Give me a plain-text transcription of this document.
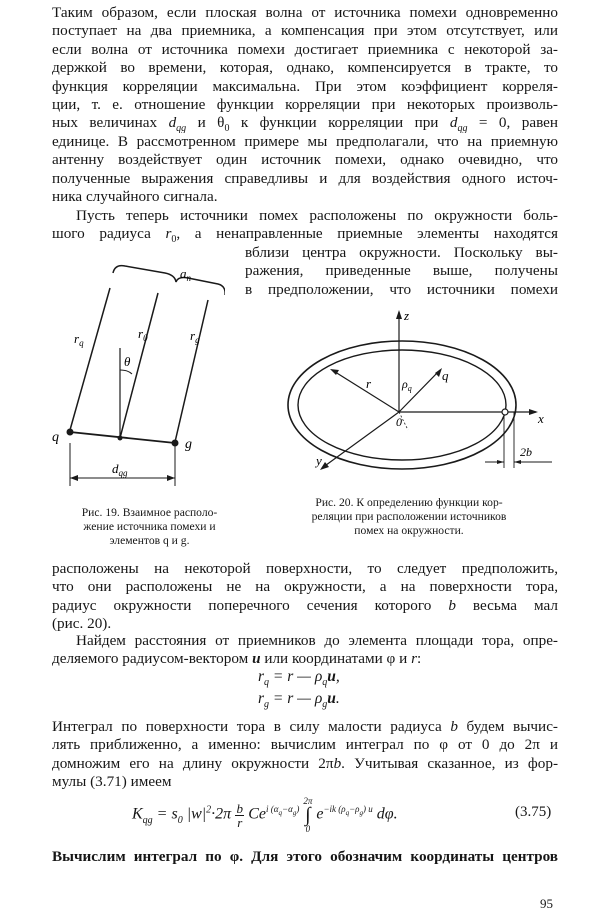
Таким образом, если плоская волна от источника помехи одновременно
поступает на два приемника, а компенсация при этом отсутствует, или
если волна от источника помехи достигает приемника с некоторой за-
держкой во времени, которая, однако, компенсируется в тракте, то
функция корреляции максимальна. При этом коэффициент корреля-
ции, т. е. отношение функции корреляции при некоторых произволь-
ных величинах $d_{qg}$ и $\theta_0$ к функции корреляции при $d_{qg} = 0$, равен
единице. В рассмотренном примере мы предполагали, что на приемную
антенну воздействует один источник помехи, однако очевидно, что
полученные выражения справедливы и для воздействия одного источ-
ника случайного сигнала.
Пусть теперь источники помех расположены по окружности боль-
шого радиуса $r_0$, а ненаправленные приемные элементы находятся
вблизи центра окружности. Поскольку вы-
ражения, приведенные выше, получены
в предположении, что источники помехи
$a_n$
$r_q$
$r_0$	$r_g$
θ
q	g
$d_{qg}$
Рис. 19. Взаимное располо-
жение источника помехи и
элементов q и g.
z
x
y
r	$\rho_q$
q
0
2b
Рис. 20. К определению функции кор-
реляции при расположении источников
помех на окружности.
расположены на некоторой поверхности, то следует предположить,
что они расположены не на окружности, а на поверхности тора,
радиус окружности поперечного сечения которого b весьма мал
(рис. 20).
Найдем расстояния от приемников до элемента площади тора, опре-
деляемого радиусом-вектором u или координатами φ и r:
$r_q = r$ — $\rho_qu$,
$r_g = r$ — $\rho_gu$.
Интеграл по поверхности тора в силу малости радиуса b будем вычис-
лять приближенно, а именно: вычислим интеграл по φ от 0 до 2π и
домножим его на длину окружности 2πb. Учитывая сказанное, из фор-
мулы (3.71) имеем
$K_{qg} = s_0$ $|w|^2\cdot 2\pi$ b
r $Ce^{i (\alpha_q-\alpha_g)}$ 2π
∫
0 $e^{-ik (\rho_q-\rho_g) u}$ dφ.	(3.75)
Вычислим интеграл по φ. Для этого обозначим координаты центров
95
